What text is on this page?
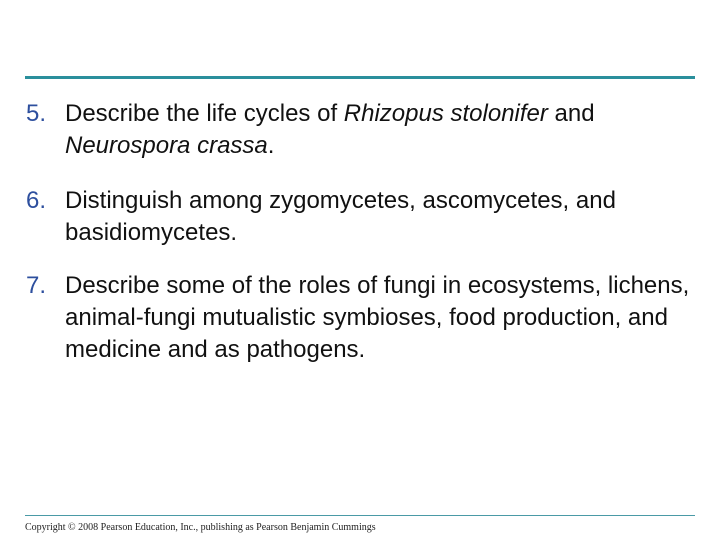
5. Describe the life cycles of Rhizopus stolonifer and Neurospora crassa.
6. Distinguish among zygomycetes, ascomycetes, and basidiomycetes.
7. Describe some of the roles of fungi in ecosystems, lichens, animal-fungi mutualistic symbioses, food production, and medicine and as pathogens.
Copyright © 2008 Pearson Education, Inc., publishing as Pearson Benjamin Cummings
